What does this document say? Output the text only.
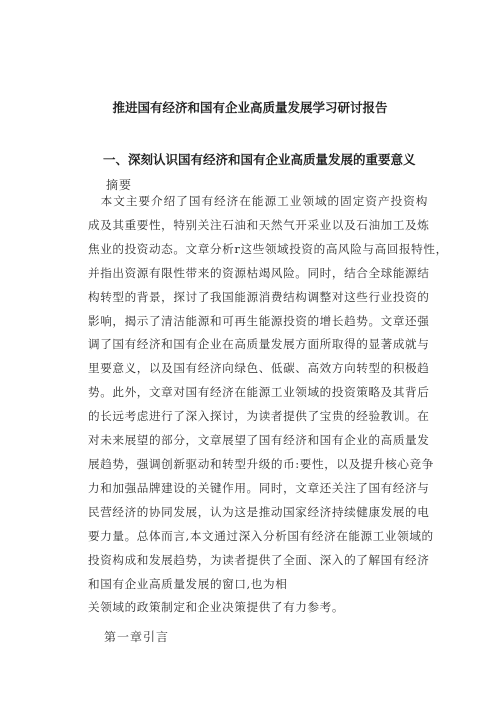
推进国有经济和国有企业高质量发展学习研讨报告
一、深刻认识国有经济和国有企业高质量发展的重要意义
摘要
　本文主要介绍了国有经济在能源工业领域的固定资产投资构
成及其重要性，特别关注石油和天然气开采业以及石油加工及炼
焦业的投资动态。文章分析r这些领域投资的高风险与高回报特性，
并指出资源有限性带来的资源枯竭风险。同时，结合全球能源结
构转型的背景，探讨了我国能源消费结构调整对这些行业投资的
影响，揭示了清洁能源和可再生能源投资的增长趋势。文章还强
调了国有经济和国有企业在高质量发展方面所取得的显著成就与
里要意义，以及国有经济向绿色、低碳、高效方向转型的积极趋
势。此外，文章对国有经济在能源工业领域的投资策略及其背后
的长远考虑进行了深入探讨，为读者提供了宝贵的经验教训。在
对未来展望的部分，文章展望了国有经济和国有企业的高质量发
展趋势，强调创新驱动和转型升级的币:要性，以及提升核心竞争
力和加强品牌建设的关键作用。同时，文章还关注了国有经济与
民营经济的协同发展，认为这是推动国家经济持续健康发展的电
要力量。总体而言,本文通过深入分析国有经济在能源工业领域的
投资构成和发展趋势，为读者提供了全面、深入的了解国有经济
和国有企业高质量发展的窗口,也为相
关领域的政策制定和企业决策提供了有力参考。
第一章引言
